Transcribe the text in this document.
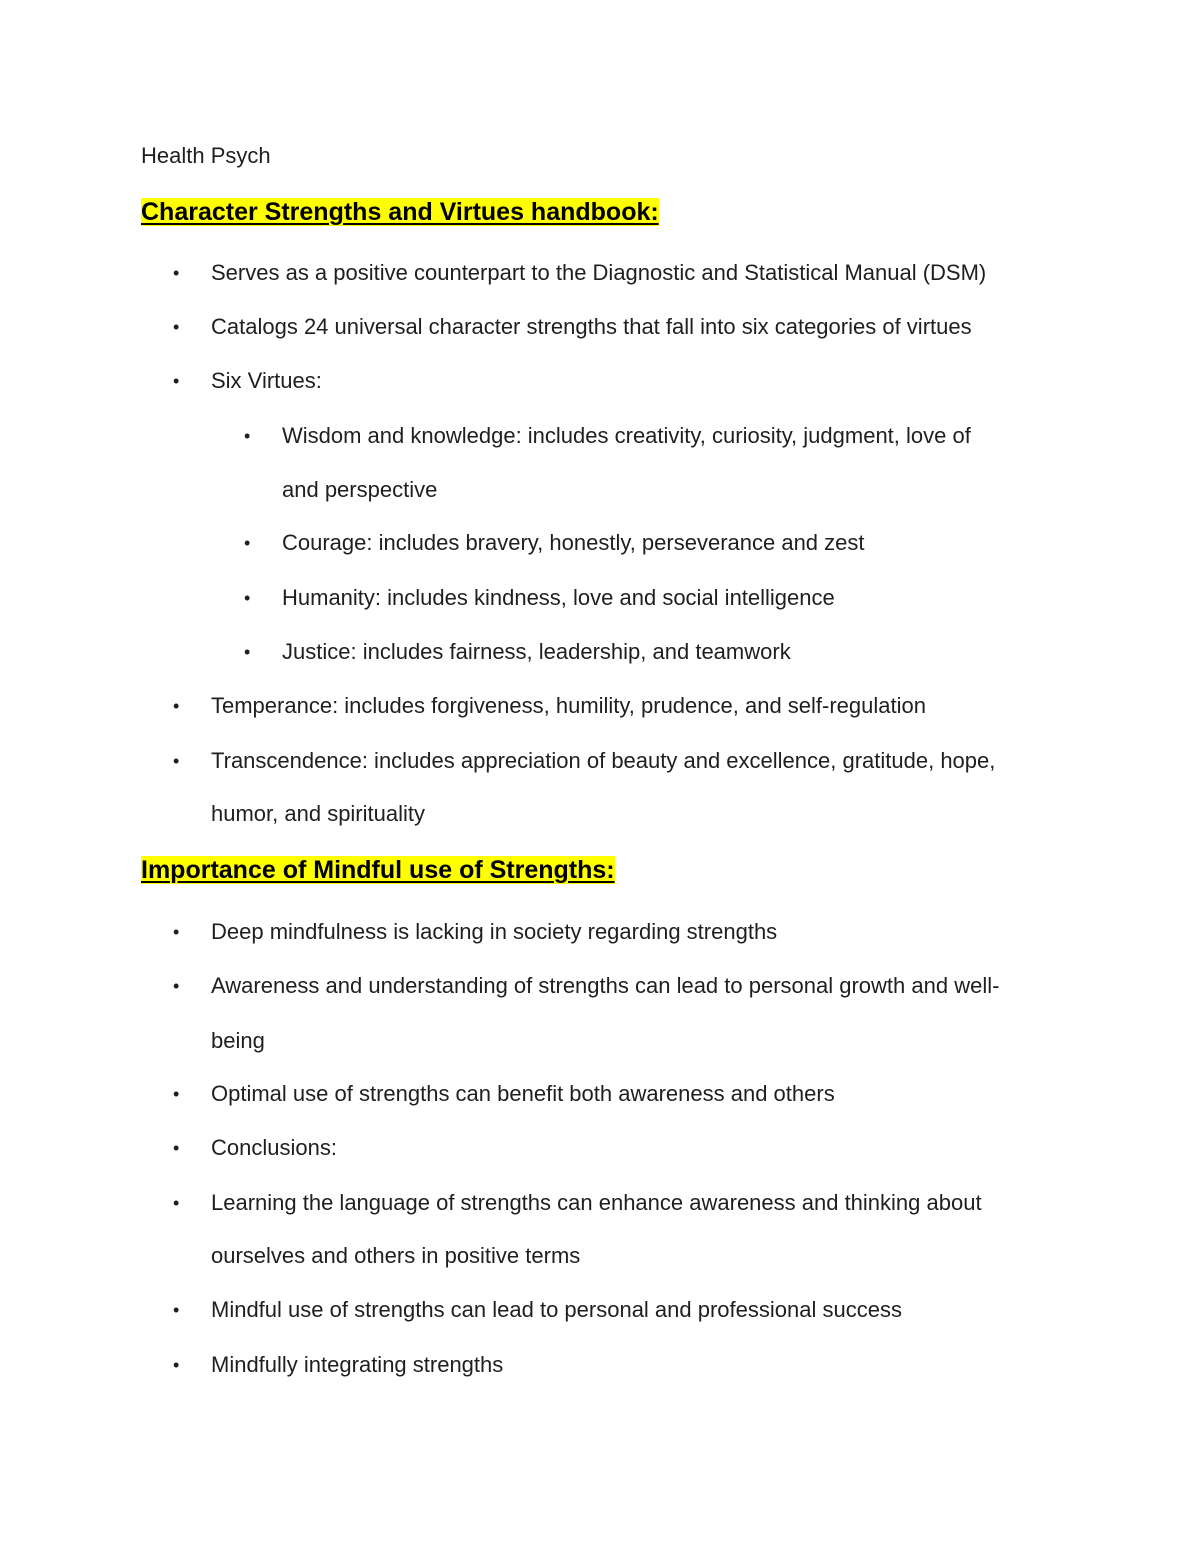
Health Psych
Character Strengths and Virtues handbook:
• Serves as a positive counterpart to the Diagnostic and Statistical Manual (DSM)
• Catalogs 24 universal character strengths that fall into six categories of virtues
• Six Virtues:
• Wisdom and knowledge: includes creativity, curiosity, judgment, love of
and perspective
• Courage: includes bravery, honestly, perseverance and zest
• Humanity: includes kindness, love and social intelligence
• Justice: includes fairness, leadership, and teamwork
• Temperance: includes forgiveness, humility, prudence, and self-regulation
• Transcendence: includes appreciation of beauty and excellence, gratitude, hope,
humor, and spirituality
Importance of Mindful use of Strengths:
• Deep mindfulness is lacking in society regarding strengths
• Awareness and understanding of strengths can lead to personal growth and well-
being
• Optimal use of strengths can benefit both awareness and others
• Conclusions:
• Learning the language of strengths can enhance awareness and thinking about
ourselves and others in positive terms
• Mindful use of strengths can lead to personal and professional success
• Mindfully integrating strengths
